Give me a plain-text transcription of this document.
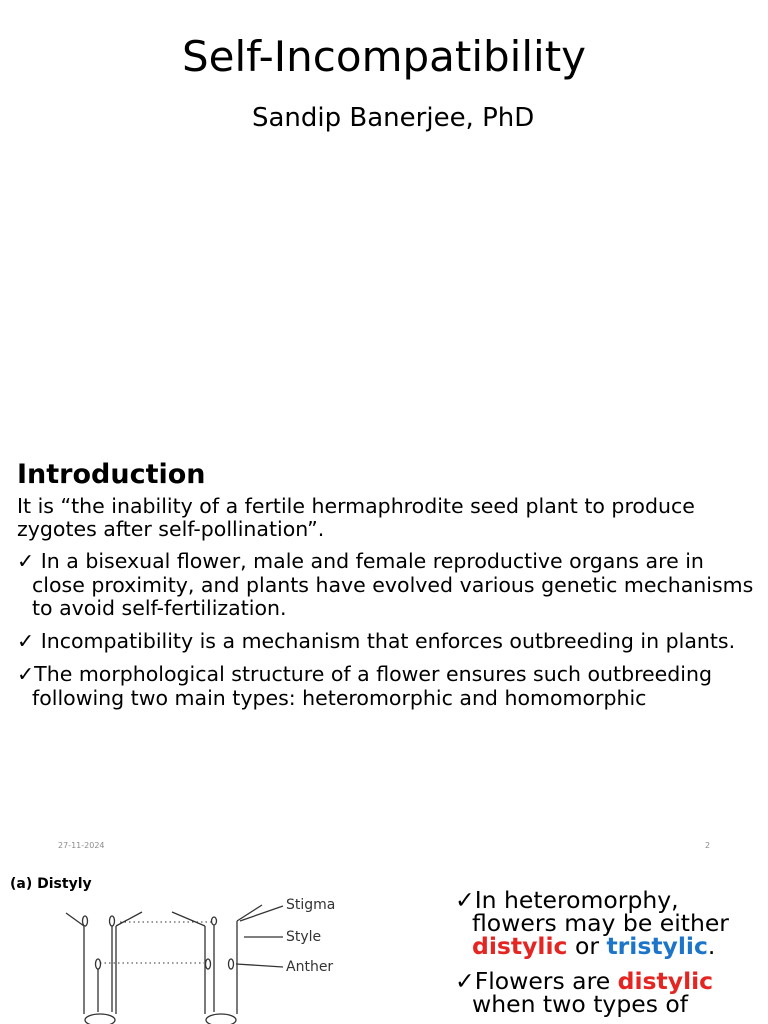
Self-Incompatibility
Sandip Banerjee, PhD
Introduction
It is “the inability of a fertile hermaphrodite seed plant to produce
zygotes after self-pollination”.
✓ In a bisexual flower, male and female reproductive organs are in
close proximity, and plants have evolved various genetic mechanisms
to avoid self-fertilization.
✓ Incompatibility is a mechanism that enforces outbreeding in plants.
✓The morphological structure of a flower ensures such outbreeding
following two main types: heteromorphic and homomorphic
27-11-2024	2
(a) Distyly
Stigma
Style
Anther
✓In heteromorphy,
flowers may be either
distylic or tristylic.
✓Flowers are distylic
when two types of
